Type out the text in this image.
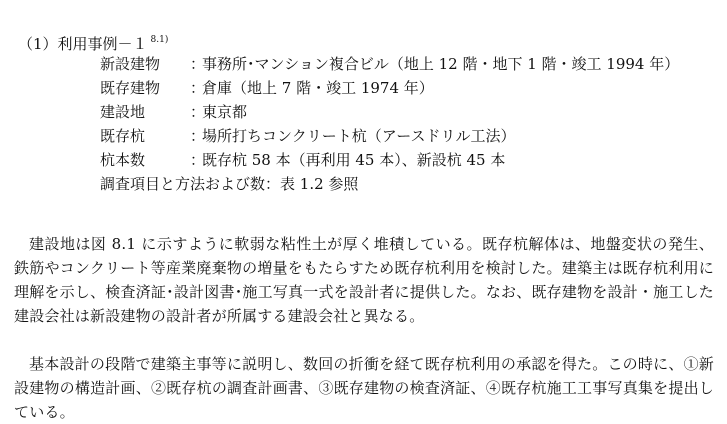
（1）利用事例－１ $^{8.1)}$
新設建物 ：事務所･マンション複合ビル（地上 12 階・地下 1 階・竣工 1994 年）
既存建物 ：倉庫（地上 7 階・竣工 1974 年）
建設地	：東京都
既存杭	：場所打ちコンクリート杭（アースドリル工法）
杭本数	：既存杭 58 本（再利用 45 本）、新設杭 45 本
調査項目と方法および数：表 1.2 参照

建設地は図 8.1 に示すように軟弱な粘性土が厚く堆積している。既存杭解体は、地盤変状の発生、鉄筋やコンクリート等産業廃棄物の増量をもたらすため既存杭利用を検討した。建築主は既存杭利用に理解を示し、検査済証･設計図書･施工写真一式を設計者に提供した。なお、既存建物を設計・施工した建設会社は新設建物の設計者が所属する建設会社と異なる。

基本設計の段階で建築主事等に説明し、数回の折衝を経て既存杭利用の承認を得た。この時に、①新設建物の構造計画、②既存杭の調査計画書、③既存建物の検査済証、④既存杭施工工事写真集を提出している。
